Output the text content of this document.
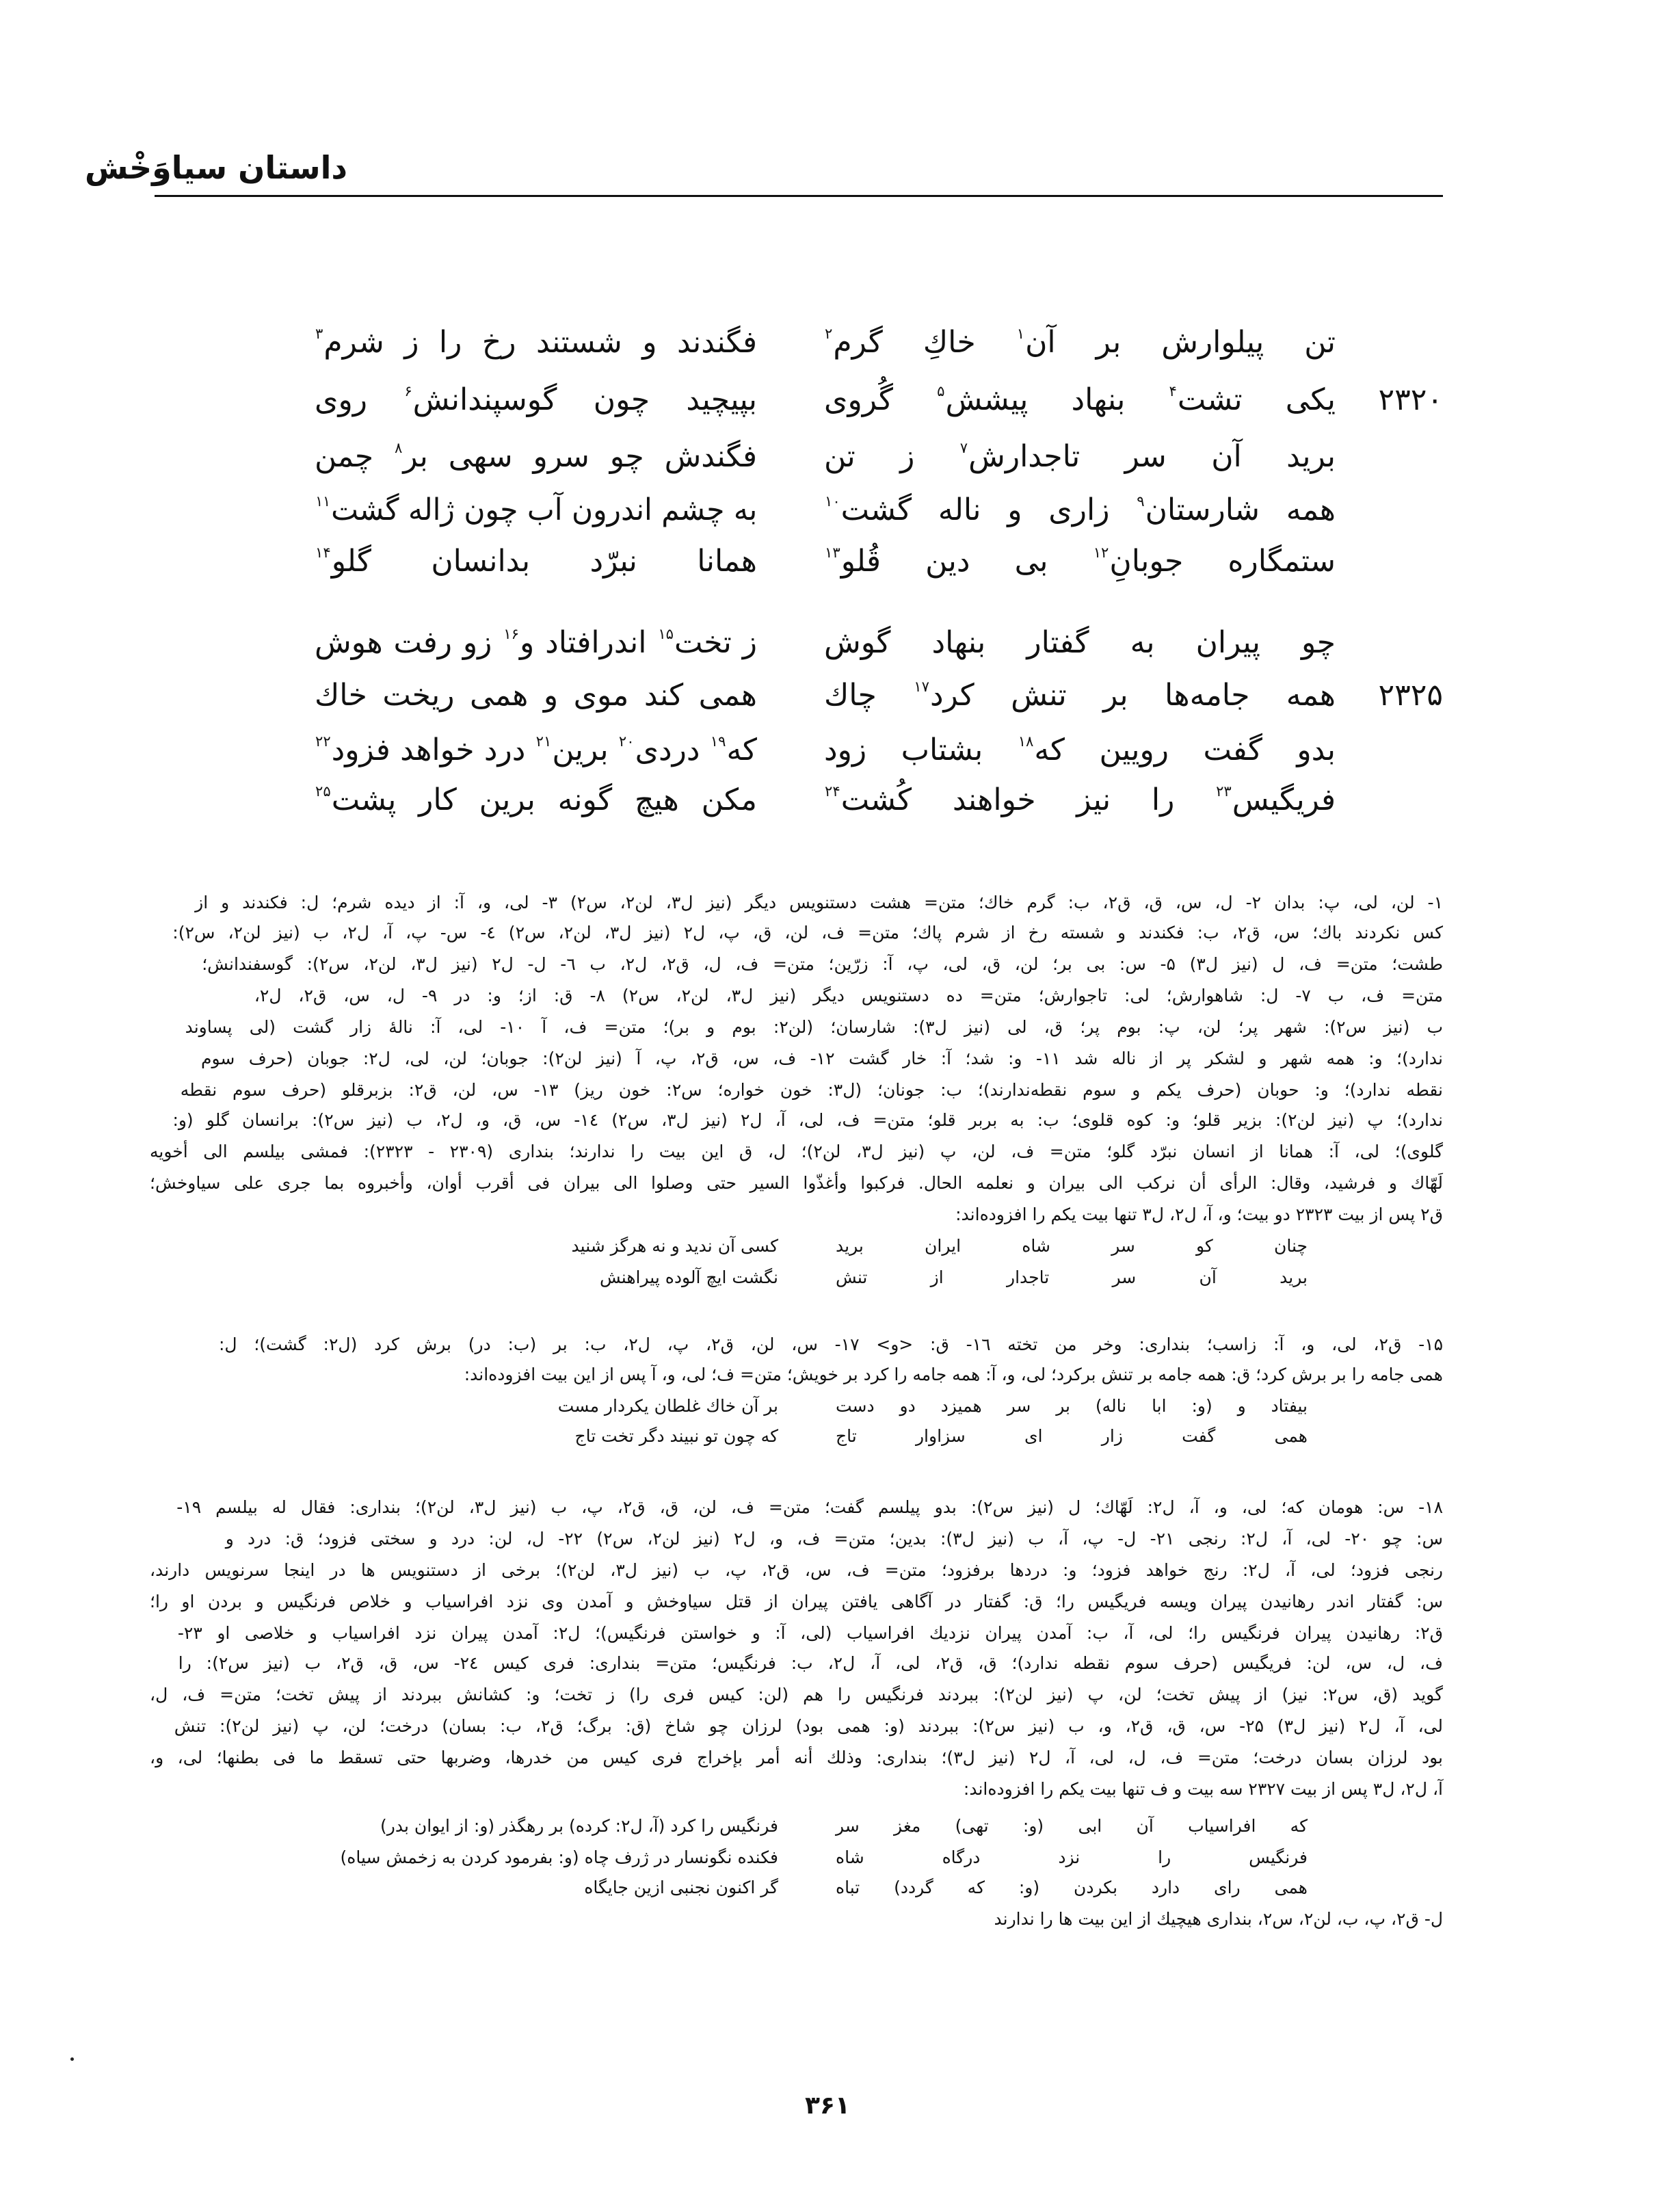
داستان سیاوَخْش
تن پیلوارش بر آن$^۱$ خاكِ گرم$^۲$
فگندند و شستند رخ را ز شرم$^۳$
۲۳۲۰
یکی تشت$^۴$ بنهاد پیشش$^۵$ گُروی
بپیچید چون گوسپندانش$^۶$ روی
برید آن سر تاجدارش$^۷$ ز تن
فگندش چو سرو سهی بر$^۸$ چمن
همه شارستان$^۹$ زاری و ناله گشت$^{۱۰}$
به چشم اندرون آب چون ژاله گشت$^{۱۱}$
ستمگاره جوبانِ$^{۱۲}$ بی دین قُلو$^{۱۳}$
همانا نبرّد بدانسان گلو$^{۱۴}$
چو پیران به گفتار بنهاد گوش
ز تخت$^{۱۵}$ اندرافتاد و$^{۱۶}$ زو رفت هوش
۲۳۲۵
همه جامه‌ها بر تنش کرد$^{۱۷}$ چاك
همی کند موی و همی ریخت خاك
بدو گفت رویین که$^{۱۸}$ بشتاب زود
که$^{۱۹}$ دردی$^{۲۰}$ برین$^{۲۱}$ درد خواهد فزود$^{۲۲}$
فریگیس$^{۲۳}$ را نیز خواهند کُشت$^{۲۴}$
مکن هیچ گونه برین کار پشت$^{۲۵}$
۱- لن، لی، پ: بدان ۲- ل، س، ق، ق۲، ب: گرم خاك؛ متن= هشت دستنویس دیگر (نیز ل۳، لن۲، س۲) ۳- لی، و، آ: از دیده شرم؛ ل: فکندند و از
کس نکردند باك؛ س، ق۲، ب: فکندند و شسته رخ از شرم پاك؛ متن= ف، لن، ق، پ، ل۲ (نیز ل۳، لن۲، س۲) ٤- س- پ، آ، ل۲، ب (نیز لن۲، س۲):
طشت؛ متن= ف، ل (نیز ل۳) ۵- س: بی بر؛ لن، ق، لی، پ، آ: زرّین؛ متن= ف، ل، ق۲، ل۲، ب ٦- ل- ل۲ (نیز ل۳، لن۲، س۲): گوسفندانش؛
متن= ف، ب ۷- ل: شاهوارش؛ لی: تاجوارش؛ متن= ده دستنویس دیگر (نیز ل۳، لن۲، س۲) ۸- ق: از؛ و: در ۹- ل، س، ق۲، ل۲،
ب (نیز س۲): شهر پر؛ لن، پ: بوم پر؛ ق، لی (نیز ل۳): شارسان؛ (لن۲: بوم و بر)؛ متن= ف، آ ۱۰- لی، آ: نالهٔ زار گشت (لی پساوند
ندارد)؛ و: همه شهر و لشکر پر از ناله شد ۱۱- و: شد؛ آ: خار گشت ۱۲- ف، س، ق۲، پ، آ (نیز لن۲): جوبان؛ لن، لی، ل۲: جوبان (حرف سوم
نقطه ندارد)؛ و: حوبان (حرف یکم و سوم نقطه‌ندارند)؛ ب: جونان؛ (ل۳: خون خواره؛ س۲: خون ریز) ۱۳- س، لن، ق۲: بزبرقلو (حرف سوم نقطه
ندارد)؛ پ (نیز لن۲): بزیر قلو؛ و: کوه قلوی؛ ب: به بربر قلو؛ متن= ف، لی، آ، ل۲ (نیز ل۳، س۲) ۱٤- س، ق، و، ل۲، ب (نیز س۲): برانسان گلو (و:
گلوی)؛ لی، آ: همانا از انسان نبرّد گلو؛ متن= ف، لن، پ (نیز ل۳، لن۲)؛ ل، ق این بیت را ندارند؛ بنداری (۲۳۰۹ - ۲۳۲۳): فمشی بیلسم الی أخویه
لَهّاك و فرشید، وقال: الرأی أن نرکب الی بیران و نعلمه الحال. فرکبوا وأغذّوا السیر حتی وصلوا الی بیران فی أقرب أوان، وأخبروه بما جری علی سیاوخش؛
ق۲ پس از بیت ۲۳۲۳ دو بیت؛ و، آ، ل۲، ل۳ تنها بیت یکم را افزوده‌اند:
چنان کو سر شاه ایران برید
کسی آن ندید و نه هرگز شنید
برید آن سر تاجدار از تنش
نگشت ایچ آلوده پیراهنش
۱۵- ق۲، لی، و، آ: زاسب؛ بنداری: وخر من تخته ۱٦- ق: <و> ۱۷- س، لن، ق۲، پ، ل۲، ب: بر (ب: در) برش کرد (ل۲: گشت)؛ ل:
همی جامه را بر برش کرد؛ ق: همه جامه بر تنش برکرد؛ لی، و، آ: همه جامه را کرد بر خویش؛ متن= ف؛ لی، و، آ پس از این بیت افزوده‌اند:
بیفتاد و (و: ابا ناله) بر سر همیزد دو دست
بر آن خاك غلطان یکردار مست
همی گفت زار ای سزاوار تاج
که چون تو نبیند دگر تخت تاج
۱۸- س: هومان که؛ لی، و، آ، ل۲: لَهّاك؛ ل (نیز س۲): بدو پیلسم گفت؛ متن= ف، لن، ق، ق۲، پ، ب (نیز ل۳، لن۲)؛ بنداری: فقال له بیلسم ۱۹-
س: چو ۲۰- لی، آ، ل۲: رنجی ۲۱- ل- پ، آ، ب (نیز ل۳): بدین؛ متن= ف، و، ل۲ (نیز لن۲، س۲) ۲۲- ل، لن: درد و سختی فزود؛ ق: درد و
رنجی فزود؛ لی، آ، ل۲: رنج خواهد فزود؛ و: دردها برفزود؛ متن= ف، س، ق۲، پ، ب (نیز ل۳، لن۲)؛ برخی از دستنویس ها در اینجا سرنویس دارند،
س: گفتار اندر رهانیدن پیران ویسه فریگیس را؛ ق: گفتار در آگاهی یافتن پیران از قتل سیاوخش و آمدن وی نزد افراسیاب و خلاص فرنگیس و بردن او را؛
ق۲: رهانیدن پیران فرنگیس را؛ لی، آ، ب: آمدن پیران نزدیك افراسیاب (لی، آ: و خواستن فرنگیس)؛ ل۲: آمدن پیران نزد افراسیاب و خلاصی او ۲۳-
ف، ل، س، لن: فریگیس (حرف سوم نقطه ندارد)؛ ق، ق۲، لی، آ، ل۲، ب: فرنگیس؛ متن= بنداری: فری کیس ۲٤- س، ق، ق۲، ب (نیز س۲): را
گوید (ق، س۲: نیز) از پیش تخت؛ لن، پ (نیز لن۲): ببردند فرنگیس را هم (لن: کیس فری را) ز تخت؛ و: کشانش ببردند از پیش تخت؛ متن= ف، ل،
لی، آ، ل۲ (نیز ل۳) ۲۵- س، ق، ق۲، و، ب (نیز س۲): ببردند (و: همی بود) لرزان چو شاخ (ق: برگ؛ ق۲، ب: بسان) درخت؛ لن، پ (نیز لن۲): تنش
بود لرزان بسان درخت؛ متن= ف، ل، لی، آ، ل۲ (نیز ل۳)؛ بنداری: وذلك أنه أمر بإخراج فری کیس من خدرها، وضربها حتی تسقط ما فی بطنها؛ لی، و،
آ، ل۲، ل۳ پس از بیت ۲۳۲۷ سه بیت و ف تنها بیت یکم را افزوده‌اند:
که افراسیاب آن ابی (و: تهی) مغز سر
فرنگیس را کرد (آ، ل۲: کرده) بر رهگذر (و: از ایوان بدر)
فرنگیس را نزد درگاه شاه
فکنده نگونسار در ژرف چاه (و: بفرمود کردن به زخمش سیاه)
همی رای دارد بکردن (و: که گردد) تباه
گر اکنون نجنبی ازین جایگاه
ل- ق۲، پ، ب، لن۲، س۲، بنداری هیچیك از این بیت ها را ندارند
۳۶۱
